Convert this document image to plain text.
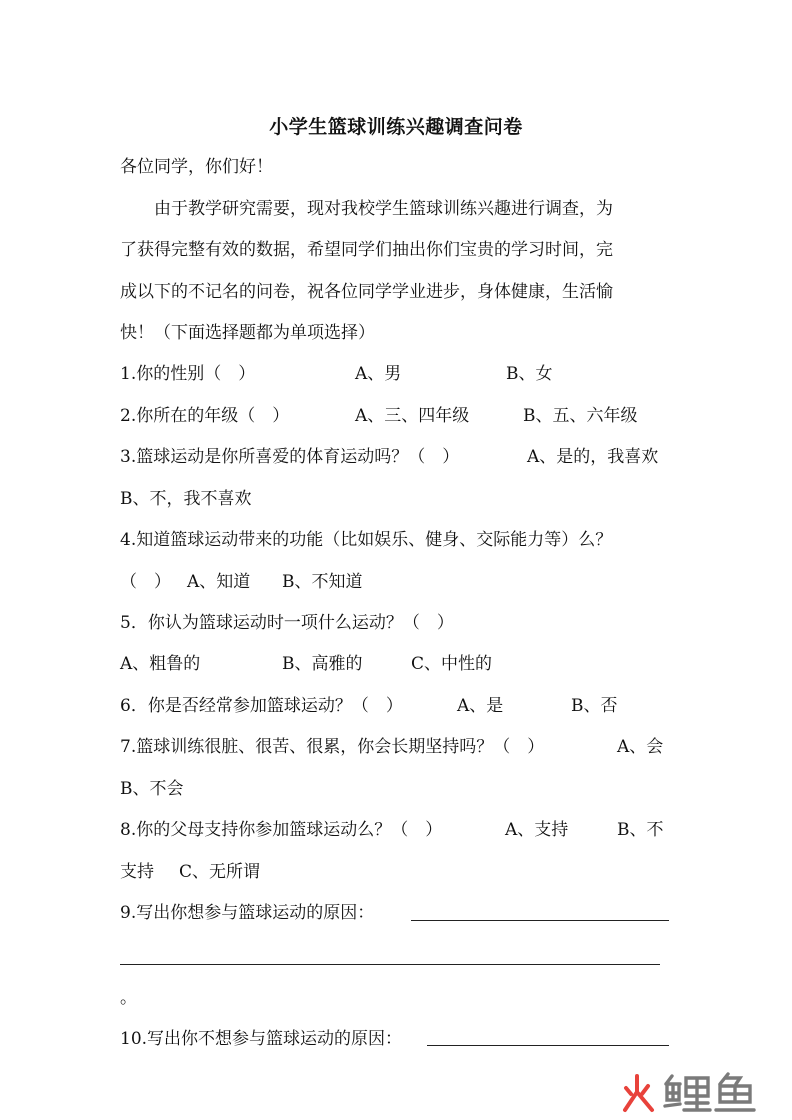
小学生篮球训练兴趣调查问卷
各位同学，你们好！
　　由于教学研究需要，现对我校学生篮球训练兴趣进行调查，为
了获得完整有效的数据，希望同学们抽出你们宝贵的学习时间，完
成以下的不记名的问卷，祝各位同学学业进步，身体健康，生活愉
快！（下面选择题都为单项选择）
1.你的性别（　）	A、男	B、女
2.你所在的年级（　）	A、三、四年级	B、五、六年级
3.篮球运动是你所喜爱的体育运动吗？（　）	A、是的，我喜欢
B、不，我不喜欢
4.知道篮球运动带来的功能（比如娱乐、健身、交际能力等）么？
（　） A、知道 B、不知道
5．你认为篮球运动时一项什么运动？（　）
A、粗鲁的	B、高雅的	C、中性的
6．你是否经常参加篮球运动？（　）	A、是	B、否
7.篮球训练很脏、很苦、很累，你会长期坚持吗？（　）	A、会
B、不会
8.你的父母支持你参加篮球运动么？（　）	A、支持	B、不
支持 C、无所谓
9.写出你想参与篮球运动的原因：
。
10.写出你不想参与篮球运动的原因：
